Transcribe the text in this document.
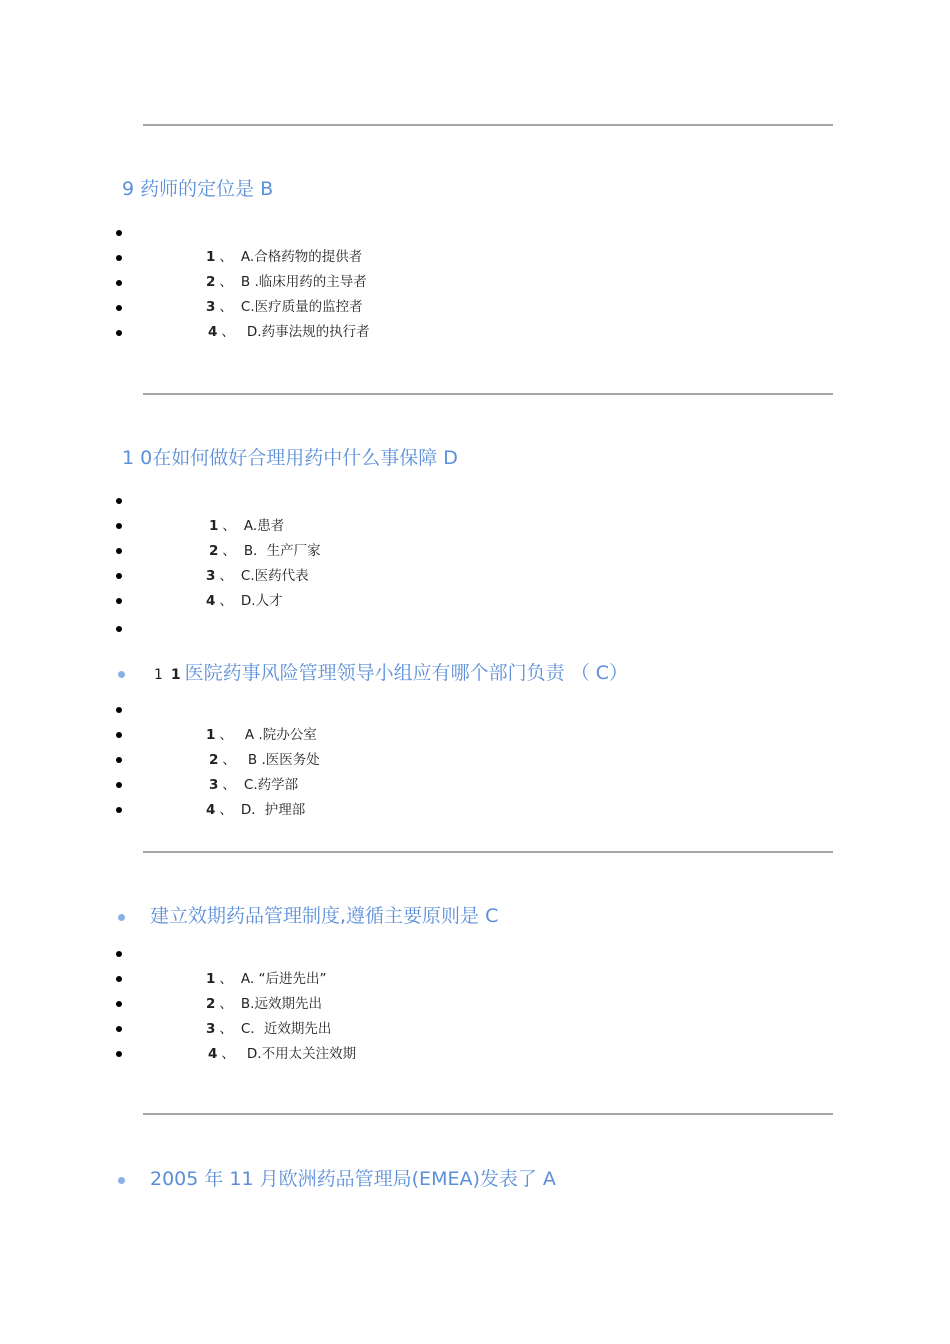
9 药师的定位是 B
1 、 A.合格药物的提供者
2 、 B .临床用药的主导者
3 、 C.医疗质量的监控者
4 、 D.药事法规的执行者
1 0在如何做好合理用药中什么事保障 D
1 、 A.患者
2 、 B．生产厂家
3 、 C.医药代表
4 、 D.人才
1 1 医院药事风险管理领导小组应有哪个部门负责 （ C）
1 、 A .院办公室
2 、 B .医医务处
3 、 C.药学部
4 、 D．护理部
建立效期药品管理制度,遵循主要原则是 C
1 、 A. “后进先出”
2 、 B.远效期先出
3 、 C．近效期先出
4 、 D.不用太关注效期
2005 年 11 月欧洲药品管理局(EMEA)发表了 A
